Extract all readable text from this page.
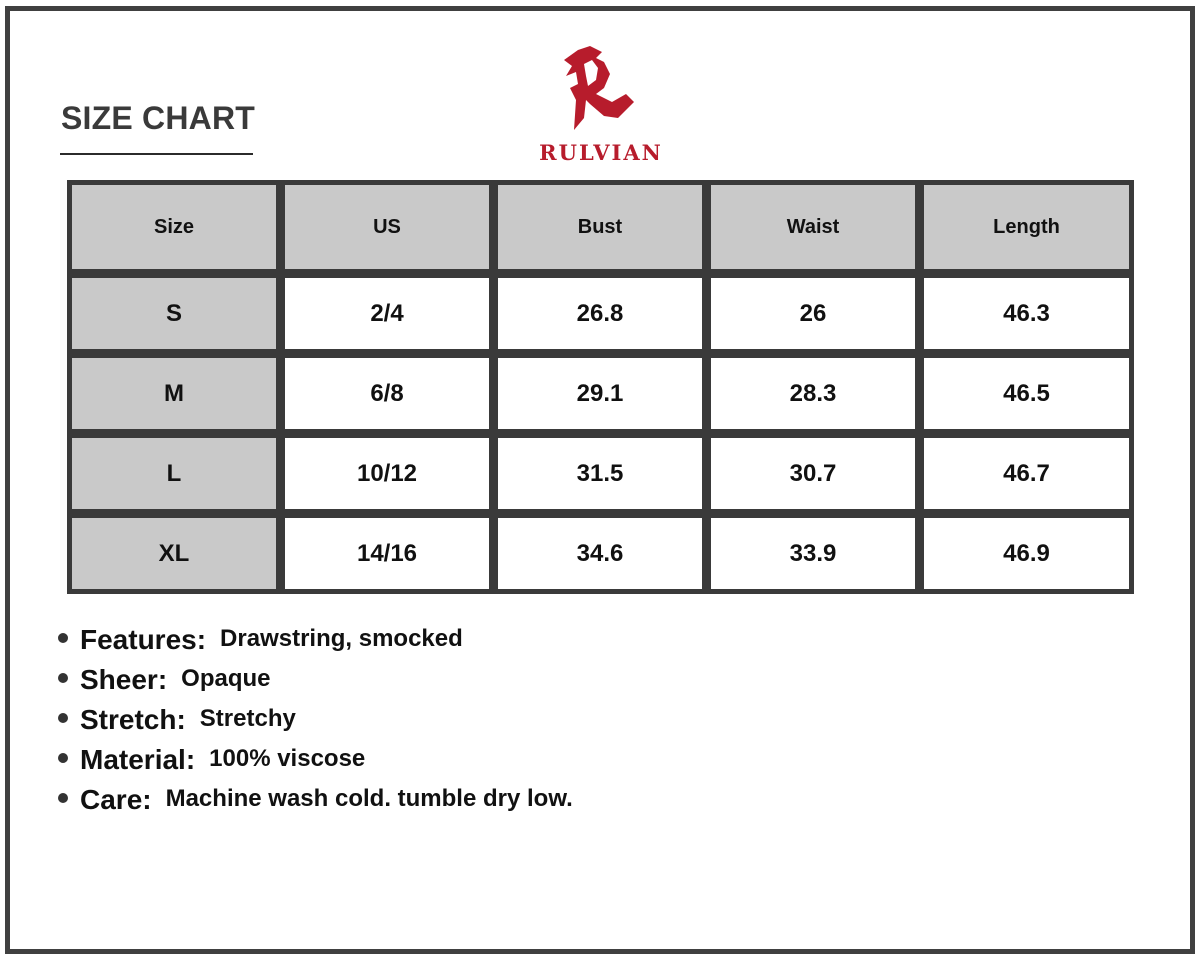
SIZE CHART
RULVIAN
Size	US	Bust	Waist	Length
S	2/4	26.8	26	46.3
M	6/8	29.1	28.3	46.5
L	10/12	31.5	30.7	46.7
XL	14/16	34.6	33.9	46.9
Features: Drawstring, smocked
Sheer: Opaque
Stretch: Stretchy
Material: 100% viscose
Care: Machine wash cold. tumble dry low.
